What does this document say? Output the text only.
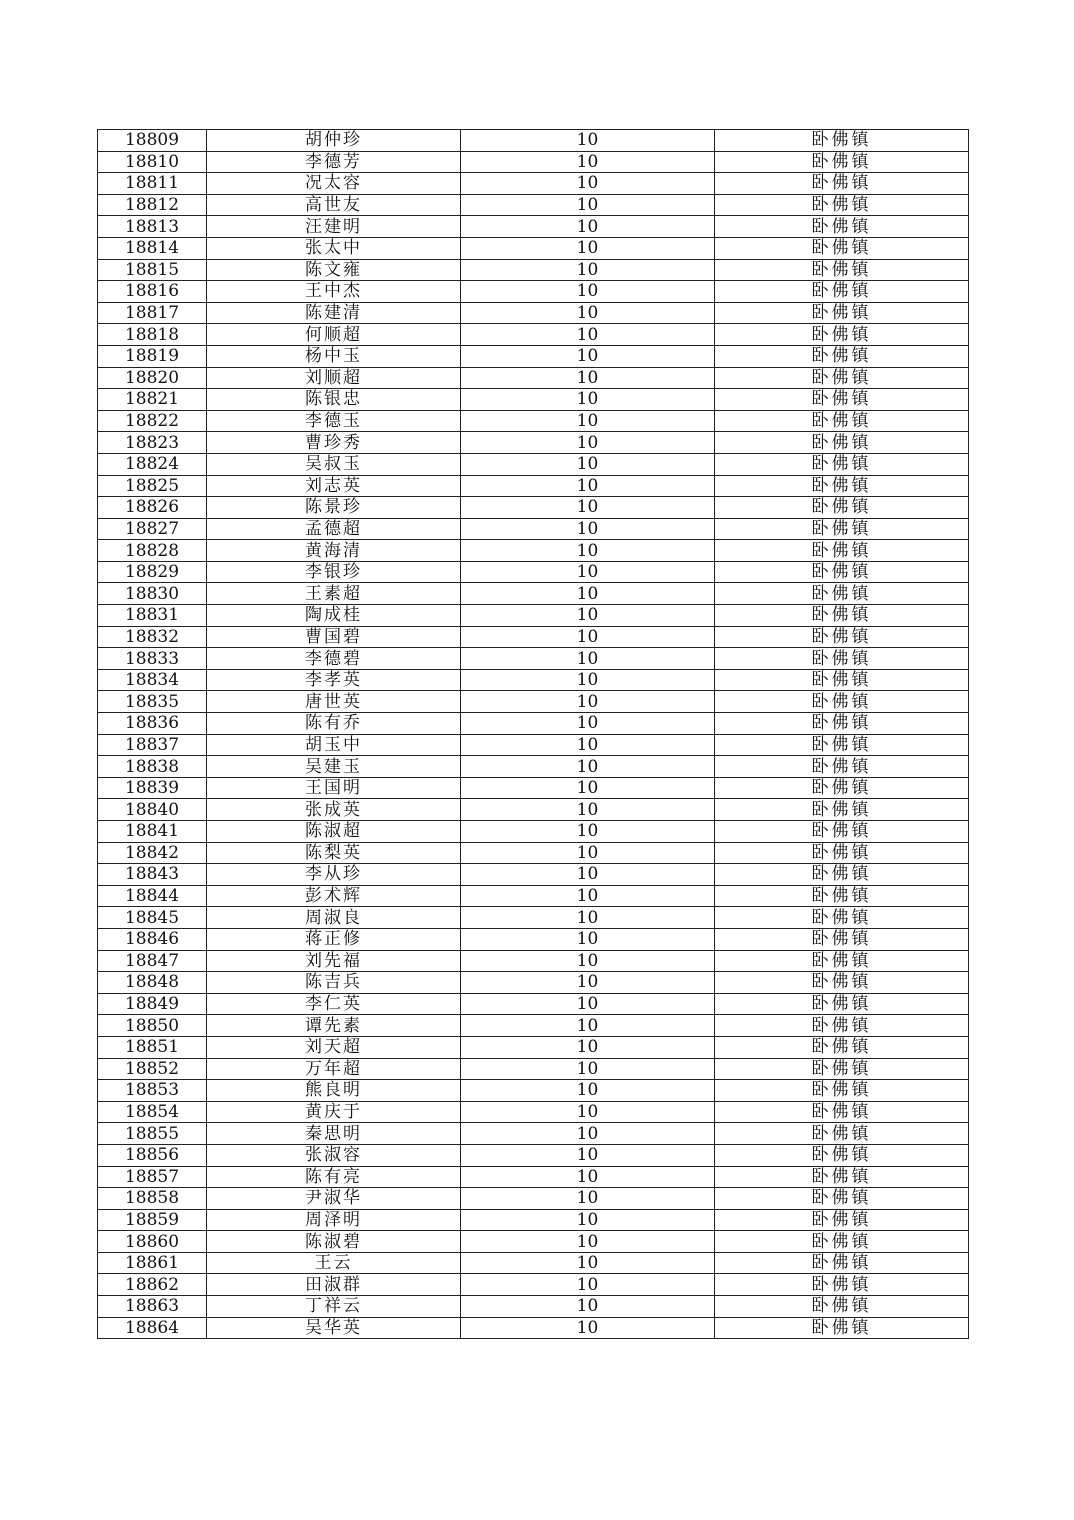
18809	胡仲珍	10	卧佛镇
18810	李德芳	10	卧佛镇
18811	况太容	10	卧佛镇
18812	高世友	10	卧佛镇
18813	汪建明	10	卧佛镇
18814	张太中	10	卧佛镇
18815	陈文雍	10	卧佛镇
18816	王中杰	10	卧佛镇
18817	陈建清	10	卧佛镇
18818	何顺超	10	卧佛镇
18819	杨中玉	10	卧佛镇
18820	刘顺超	10	卧佛镇
18821	陈银忠	10	卧佛镇
18822	李德玉	10	卧佛镇
18823	曹珍秀	10	卧佛镇
18824	吴叔玉	10	卧佛镇
18825	刘志英	10	卧佛镇
18826	陈景珍	10	卧佛镇
18827	孟德超	10	卧佛镇
18828	黄海清	10	卧佛镇
18829	李银珍	10	卧佛镇
18830	王素超	10	卧佛镇
18831	陶成桂	10	卧佛镇
18832	曹国碧	10	卧佛镇
18833	李德碧	10	卧佛镇
18834	李孝英	10	卧佛镇
18835	唐世英	10	卧佛镇
18836	陈有乔	10	卧佛镇
18837	胡玉中	10	卧佛镇
18838	吴建玉	10	卧佛镇
18839	王国明	10	卧佛镇
18840	张成英	10	卧佛镇
18841	陈淑超	10	卧佛镇
18842	陈梨英	10	卧佛镇
18843	李从珍	10	卧佛镇
18844	彭术辉	10	卧佛镇
18845	周淑良	10	卧佛镇
18846	蒋正修	10	卧佛镇
18847	刘先福	10	卧佛镇
18848	陈吉兵	10	卧佛镇
18849	李仁英	10	卧佛镇
18850	谭先素	10	卧佛镇
18851	刘天超	10	卧佛镇
18852	万年超	10	卧佛镇
18853	熊良明	10	卧佛镇
18854	黄庆于	10	卧佛镇
18855	秦思明	10	卧佛镇
18856	张淑容	10	卧佛镇
18857	陈有亮	10	卧佛镇
18858	尹淑华	10	卧佛镇
18859	周泽明	10	卧佛镇
18860	陈淑碧	10	卧佛镇
18861	王云	10	卧佛镇
18862	田淑群	10	卧佛镇
18863	丁祥云	10	卧佛镇
18864	吴华英	10	卧佛镇
